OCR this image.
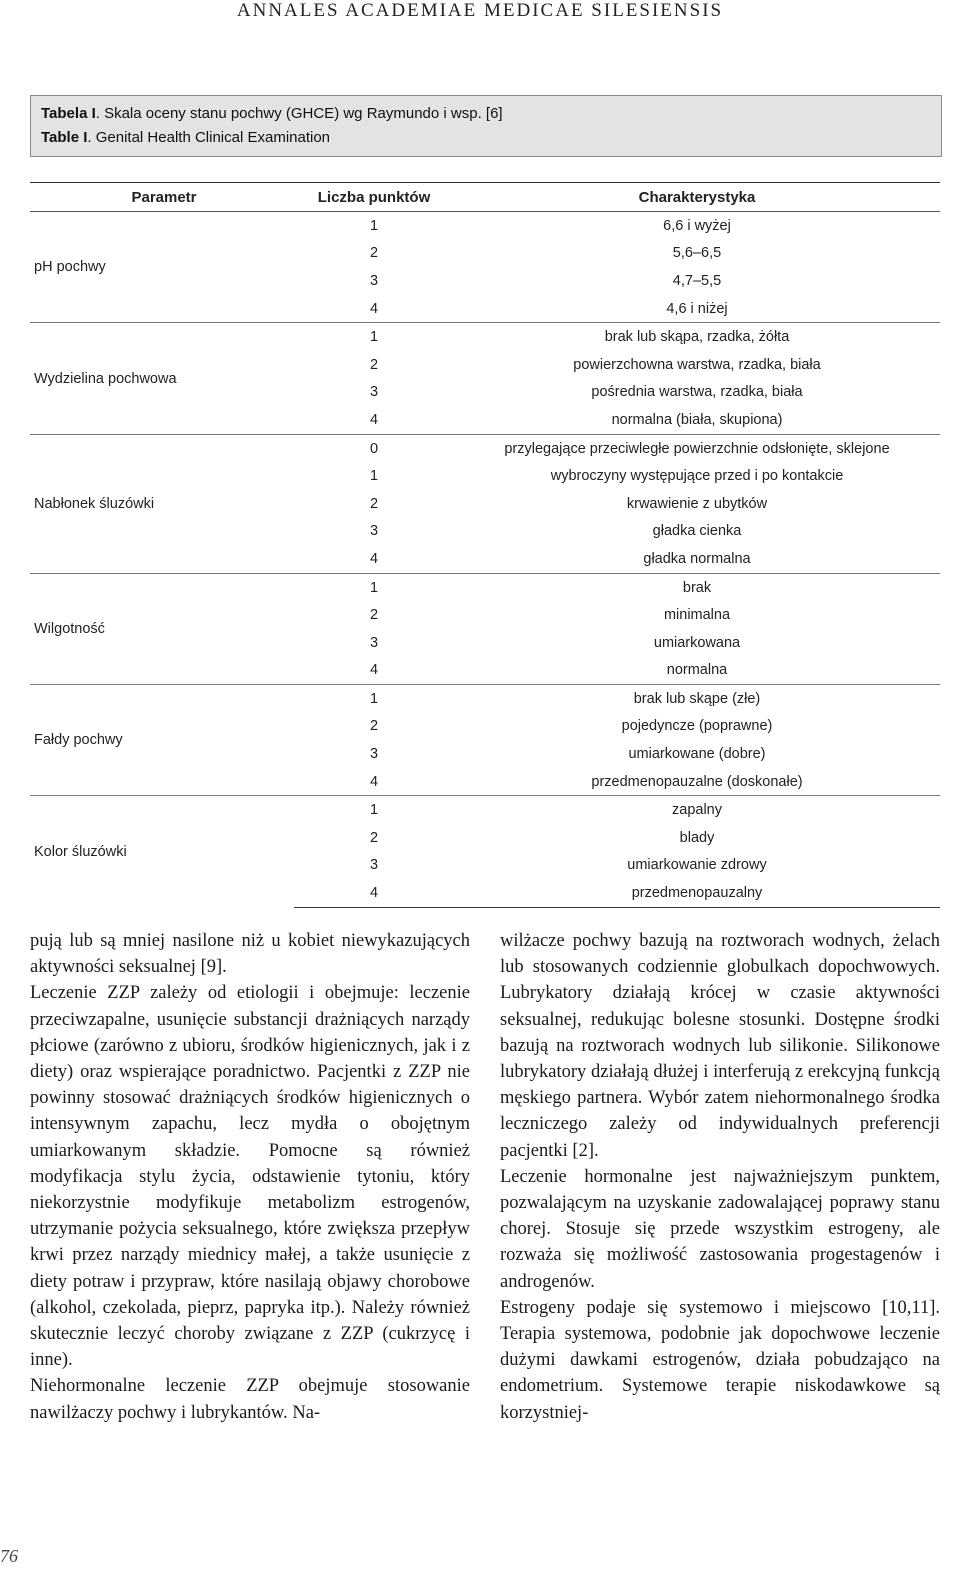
ANNALES ACADEMIAE MEDICAE SILESIENSIS
Tabela I. Skala oceny stanu pochwy (GHCE) wg Raymundo i wsp. [6]
Table I. Genital Health Clinical Examination
Parametr	Liczba punktów	Charakterystyka
pH pochwy	1	6,6 i wyżej
	2	5,6–6,5
	3	4,7–5,5
	4	4,6 i niżej
Wydzielina pochwowa	1	brak lub skąpa, rzadka, żółta
	2	powierzchowna warstwa, rzadka, biała
	3	pośrednia warstwa, rzadka, biała
	4	normalna (biała, skupiona)
Nabłonek śluzówki	0	przylegające przeciwległe powierzchnie odsłonięte, sklejone
	1	wybroczyny występujące przed i po kontakcie
	2	krwawienie z ubytków
	3	gładka cienka
	4	gładka normalna
Wilgotność	1	brak
	2	minimalna
	3	umiarkowana
	4	normalna
Fałdy pochwy	1	brak lub skąpe (złe)
	2	pojedyncze (poprawne)
	3	umiarkowane (dobre)
	4	przedmenopauzalne (doskonałe)
Kolor śluzówki	1	zapalny
	2	blady
	3	umiarkowanie zdrowy
	4	przedmenopauzalny

pują lub są mniej nasilone niż u kobiet niewykazujących aktywności seksualnej [9].

Leczenie ZZP zależy od etiologii i obejmuje: leczenie przeciwzapalne, usunięcie substancji drażniących narządy płciowe (zarówno z ubioru, środków higienicznych, jak i z diety) oraz wspierające poradnictwo. Pacjentki z ZZP nie powinny stosować drażniących środków higienicznych o intensywnym zapachu, lecz mydła o obojętnym umiarkowanym składzie. Pomocne są również modyfikacja stylu życia, odstawienie tytoniu, który niekorzystnie modyfikuje metabolizm estrogenów, utrzymanie pożycia seksualnego, które zwiększa przepływ krwi przez narządy miednicy małej, a także usunięcie z diety potraw i przypraw, które nasilają objawy chorobowe (alkohol, czekolada, pieprz, papryka itp.). Należy również skutecznie leczyć choroby związane z ZZP (cukrzycę i inne).

Niehormonalne leczenie ZZP obejmuje stosowanie nawilżaczy pochwy i lubrykantów. Na-

wilżacze pochwy bazują na roztworach wodnych, żelach lub stosowanych codziennie globulkach dopochwowych. Lubrykatory działają krócej w czasie aktywności seksualnej, redukując bolesne stosunki. Dostępne środki bazują na roztworach wodnych lub silikonie. Silikonowe lubrykatory działają dłużej i interferują z erekcyjną funkcją męskiego partnera. Wybór zatem niehormonalnego środka leczniczego zależy od indywidualnych preferencji pacjentki [2].

Leczenie hormonalne jest najważniejszym punktem, pozwalającym na uzyskanie zadowalającej poprawy stanu chorej. Stosuje się przede wszystkim estrogeny, ale rozważa się możliwość zastosowania progestagenów i androgenów.

Estrogeny podaje się systemowo i miejscowo [10,11]. Terapia systemowa, podobnie jak dopochwowe leczenie dużymi dawkami estrogenów, działa pobudzająco na endometrium. Systemowe terapie niskodawkowe są korzystniej-

76
